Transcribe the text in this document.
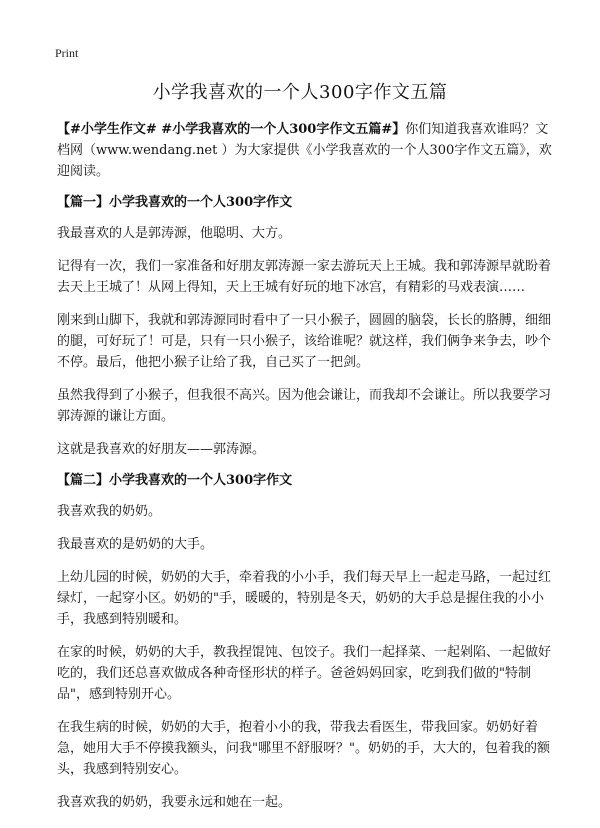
Print
小学我喜欢的一个人300字作文五篇

【#小学生作文# #小学我喜欢的一个人300字作文五篇#】你们知道我喜欢谁吗？文档网（www.wendang.net ）为大家提供《小学我喜欢的一个人300字作文五篇》，欢迎阅读。

【篇一】小学我喜欢的一个人300字作文

我最喜欢的人是郭涛源，他聪明、大方。

记得有一次，我们一家准备和好朋友郭涛源一家去游玩天上王城。我和郭涛源早就盼着去天上王城了！从网上得知，天上王城有好玩的地下冰宫，有精彩的马戏表演……

刚来到山脚下，我就和郭涛源同时看中了一只小猴子，圆圆的脑袋，长长的胳膊，细细的腿，可好玩了！可是，只有一只小猴子，该给谁呢？就这样，我们俩争来争去，吵个不停。最后，他把小猴子让给了我，自己买了一把剑。

虽然我得到了小猴子，但我很不高兴。因为他会谦让，而我却不会谦让。所以我要学习郭涛源的谦让方面。

这就是我喜欢的好朋友——郭涛源。

【篇二】小学我喜欢的一个人300字作文

我喜欢我的奶奶。

我最喜欢的是奶奶的大手。

上幼儿园的时候，奶奶的大手，牵着我的小小手，我们每天早上一起走马路，一起过红绿灯，一起穿小区。奶奶的"手，暖暖的，特别是冬天，奶奶的大手总是握住我的小小手，我感到特别暖和。

在家的时候，奶奶的大手，教我捏馄饨、包饺子。我们一起择菜、一起剁陷、一起做好吃的，我们还总喜欢做成各种奇怪形状的样子。爸爸妈妈回家，吃到我们做的"特制品"，感到特别开心。

在我生病的时候，奶奶的大手，抱着小小的我，带我去看医生，带我回家。奶奶好着急，她用大手不停摸我额头，问我"哪里不舒服呀？"。奶奶的手，大大的，包着我的额头，我感到特别安心。

我喜欢我的奶奶，我要永远和她在一起。
